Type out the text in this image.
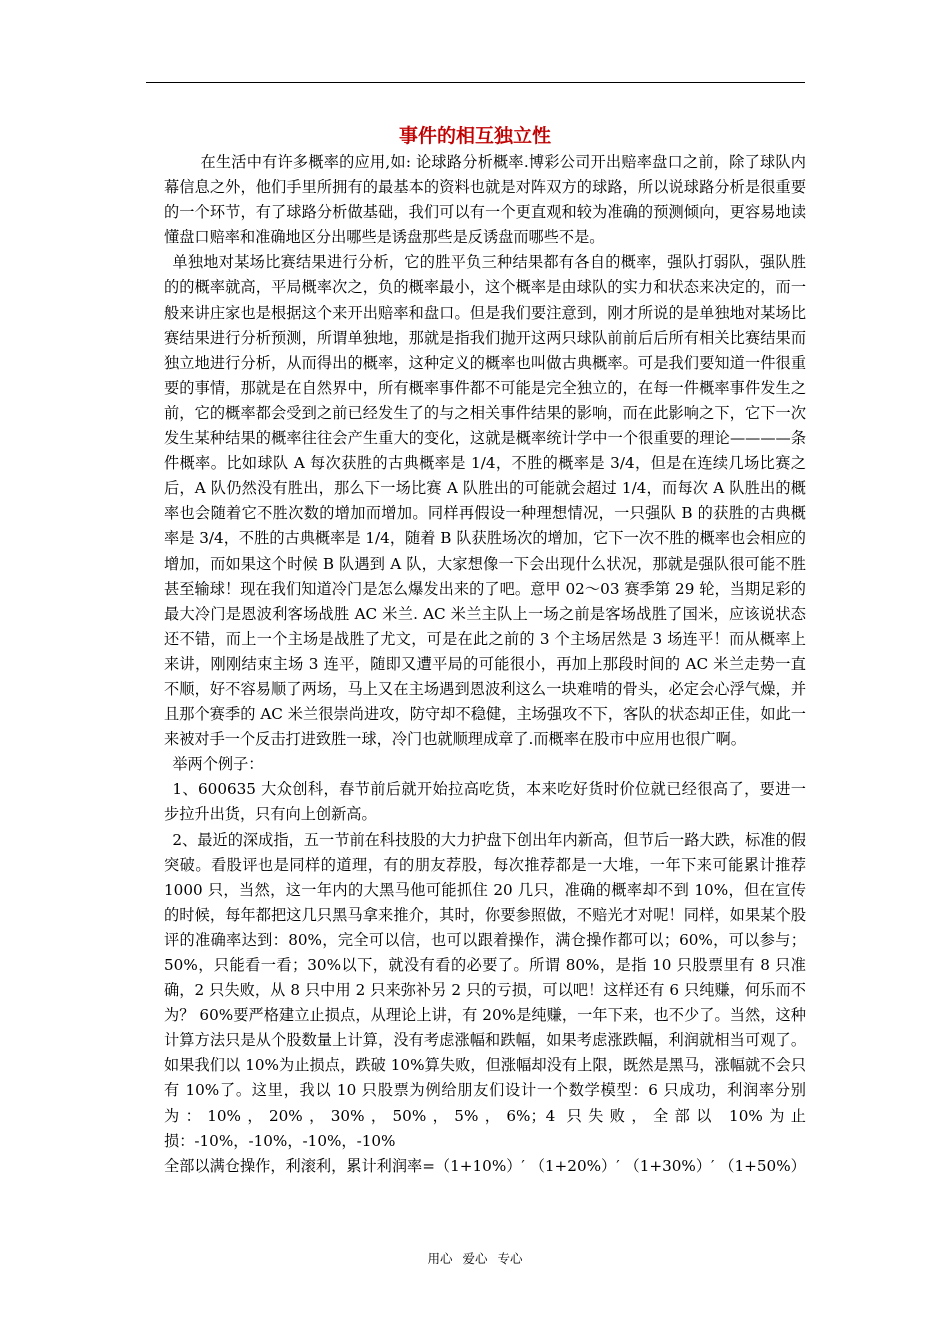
事件的相互独立性

在生活中有许多概率的应用,如: 论球路分析概率.博彩公司开出赔率盘口之前，除了球队内幕信息之外，他们手里所拥有的最基本的资料也就是对阵双方的球路，所以说球路分析是很重要的一个环节，有了球路分析做基础，我们可以有一个更直观和较为准确的预测倾向，更容易地读懂盘口赔率和准确地区分出哪些是诱盘那些是反诱盘而哪些不是。

单独地对某场比赛结果进行分析，它的胜平负三种结果都有各自的概率，强队打弱队，强队胜的的概率就高，平局概率次之，负的概率最小，这个概率是由球队的实力和状态来决定的，而一般来讲庄家也是根据这个来开出赔率和盘口。但是我们要注意到，刚才所说的是单独地对某场比赛结果进行分析预测，所谓单独地，那就是指我们抛开这两只球队前前后后所有相关比赛结果而独立地进行分析，从而得出的概率，这种定义的概率也叫做古典概率。可是我们要知道一件很重要的事情，那就是在自然界中，所有概率事件都不可能是完全独立的，在每一件概率事件发生之前，它的概率都会受到之前已经发生了的与之相关事件结果的影响，而在此影响之下，它下一次发生某种结果的概率往往会产生重大的变化，这就是概率统计学中一个很重要的理论————条件概率。比如球队 A 每次获胜的古典概率是 1/4，不胜的概率是 3/4，但是在连续几场比赛之后，A 队仍然没有胜出，那么下一场比赛 A 队胜出的可能就会超过 1/4，而每次 A 队胜出的概率也会随着它不胜次数的增加而增加。同样再假设一种理想情况，一只强队 B 的获胜的古典概率是 3/4，不胜的古典概率是 1/4，随着 B 队获胜场次的增加，它下一次不胜的概率也会相应的增加，而如果这个时候 B 队遇到 A 队，大家想像一下会出现什么状况，那就是强队很可能不胜甚至输球！现在我们知道冷门是怎么爆发出来的了吧。意甲 02～03 赛季第 29 轮，当期足彩的最大冷门是恩波利客场战胜 AC 米兰. AC 米兰主队上一场之前是客场战胜了国米，应该说状态还不错，而上一个主场是战胜了尤文，可是在此之前的 3 个主场居然是 3 场连平！而从概率上来讲，刚刚结束主场 3 连平，随即又遭平局的可能很小，再加上那段时间的 AC 米兰走势一直不顺，好不容易顺了两场，马上又在主场遇到恩波利这么一块难啃的骨头，必定会心浮气燥，并且那个赛季的 AC 米兰很崇尚进攻，防守却不稳健，主场强攻不下，客队的状态却正佳，如此一来被对手一个反击打进致胜一球，冷门也就顺理成章了.而概率在股市中应用也很广啊。

举两个例子：

1、600635 大众创科，春节前后就开始拉高吃货，本来吃好货时价位就已经很高了，要进一步拉升出货，只有向上创新高。

2、最近的深成指，五一节前在科技股的大力护盘下创出年内新高，但节后一路大跌，标准的假突破。看股评也是同样的道理，有的朋友荐股，每次推荐都是一大堆，一年下来可能累计推荐 1000 只，当然，这一年内的大黑马他可能抓住 20 几只，准确的概率却不到 10%，但在宣传的时候，每年都把这几只黑马拿来推介，其时，你要参照做，不赔光才对呢！同样，如果某个股评的准确率达到：80%，完全可以信，也可以跟着操作，满仓操作都可以；60%，可以参与；50%，只能看一看；30%以下，就没有看的必要了。所谓 80%，是指 10 只股票里有 8 只准确，2 只失败，从 8 只中用 2 只来弥补另 2 只的亏损，可以吧！这样还有 6 只纯赚，何乐而不为？ 60%要严格建立止损点，从理论上讲，有 20%是纯赚，一年下来，也不少了。当然，这种计算方法只是从个股数量上计算，没有考虑涨幅和跌幅，如果考虑涨跌幅，利润就相当可观了。如果我们以 10%为止损点，跌破 10%算失败，但涨幅却没有上限，既然是黑马，涨幅就不会只有 10%了。这里，我以 10 只股票为例给朋友们设计一个数学模型：6 只成功，利润率分别为：10%，20%，30%，50%，5%，6%；4 只失败，全部以 10%为止损：-10%，-10%，-10%，-10%

全部以满仓操作，利滚利，累计利润率=（1+10%）′ （1+20%）′ （1+30%）′ （1+50%）

用心 爱心 专心
